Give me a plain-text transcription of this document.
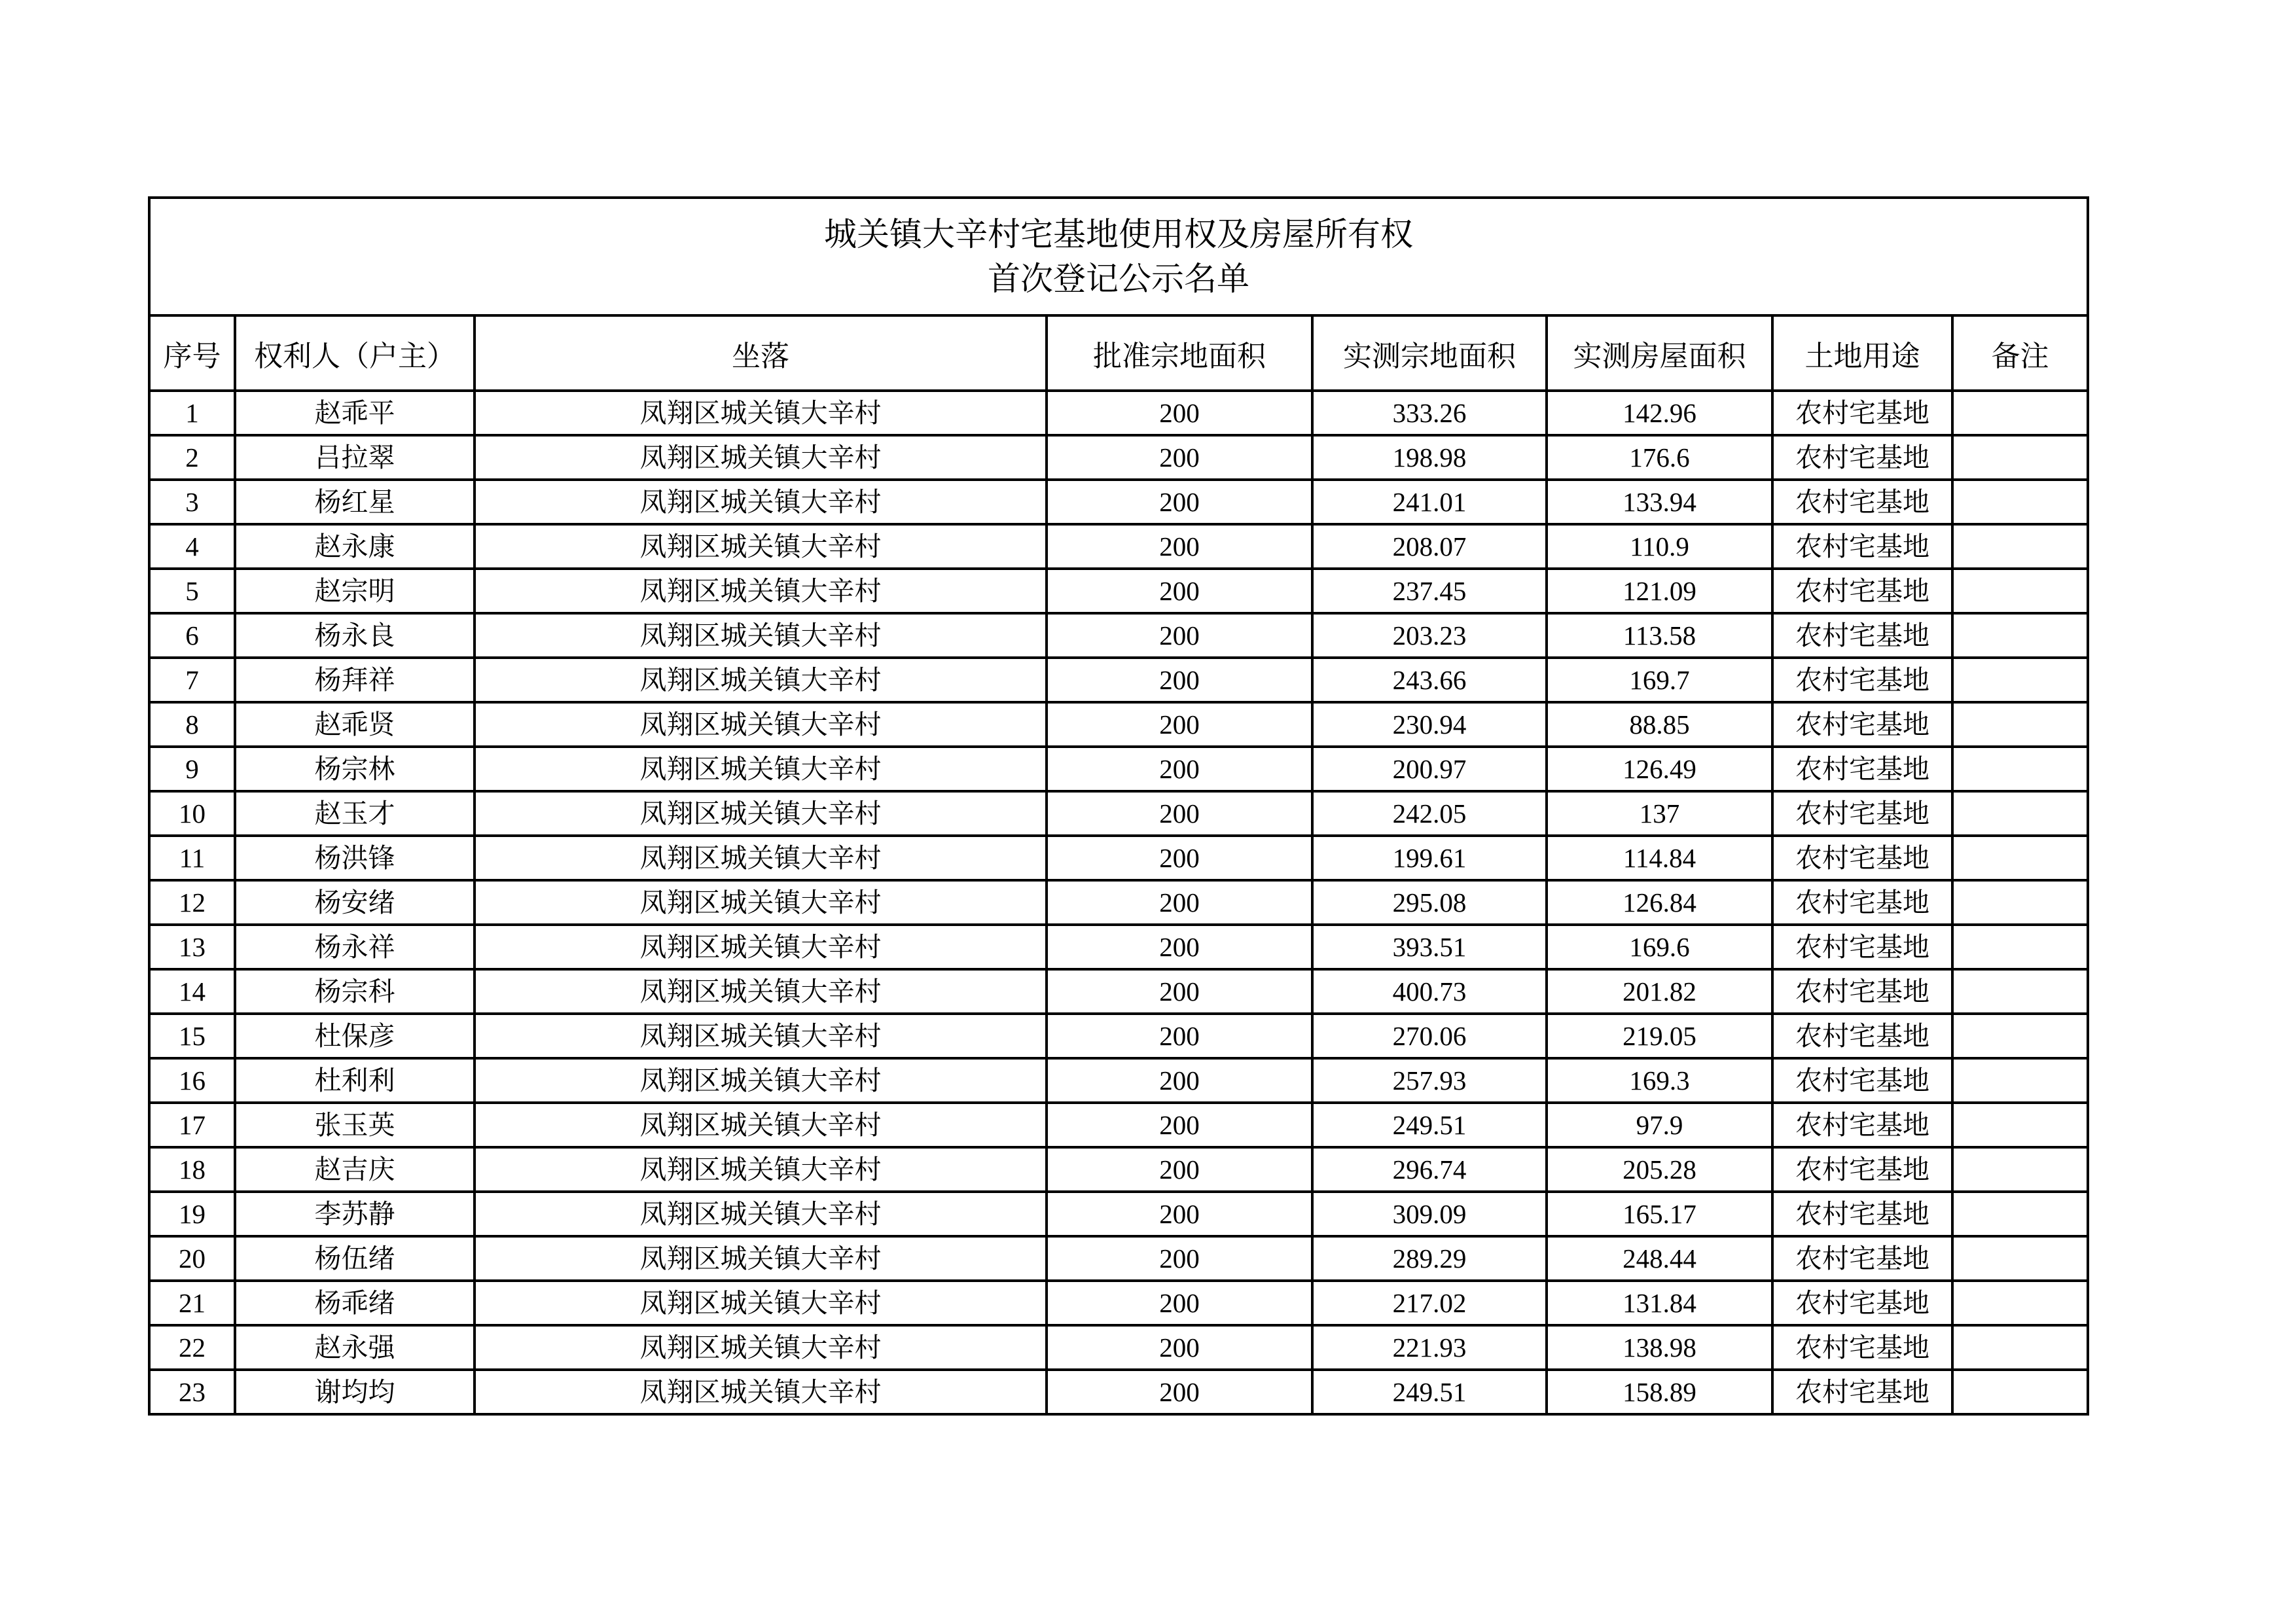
城关镇大辛村宅基地使用权及房屋所有权
首次登记公示名单							

序号	权利人（户主）	坐落	批准宗地面积	实测宗地面积	实测房屋面积	土地用途	备注
1	赵乖平	凤翔区城关镇大辛村	200	333.26	142.96	农村宅基地	
2	吕拉翠	凤翔区城关镇大辛村	200	198.98	176.6	农村宅基地	
3	杨红星	凤翔区城关镇大辛村	200	241.01	133.94	农村宅基地	
4	赵永康	凤翔区城关镇大辛村	200	208.07	110.9	农村宅基地	
5	赵宗明	凤翔区城关镇大辛村	200	237.45	121.09	农村宅基地	
6	杨永良	凤翔区城关镇大辛村	200	203.23	113.58	农村宅基地	
7	杨拜祥	凤翔区城关镇大辛村	200	243.66	169.7	农村宅基地	
8	赵乖贤	凤翔区城关镇大辛村	200	230.94	88.85	农村宅基地	
9	杨宗林	凤翔区城关镇大辛村	200	200.97	126.49	农村宅基地	
10	赵玉才	凤翔区城关镇大辛村	200	242.05	137	农村宅基地	
11	杨洪锋	凤翔区城关镇大辛村	200	199.61	114.84	农村宅基地	
12	杨安绪	凤翔区城关镇大辛村	200	295.08	126.84	农村宅基地	
13	杨永祥	凤翔区城关镇大辛村	200	393.51	169.6	农村宅基地	
14	杨宗科	凤翔区城关镇大辛村	200	400.73	201.82	农村宅基地	
15	杜保彦	凤翔区城关镇大辛村	200	270.06	219.05	农村宅基地	
16	杜利利	凤翔区城关镇大辛村	200	257.93	169.3	农村宅基地	
17	张玉英	凤翔区城关镇大辛村	200	249.51	97.9	农村宅基地	
18	赵吉庆	凤翔区城关镇大辛村	200	296.74	205.28	农村宅基地	
19	李苏静	凤翔区城关镇大辛村	200	309.09	165.17	农村宅基地	
20	杨伍绪	凤翔区城关镇大辛村	200	289.29	248.44	农村宅基地	
21	杨乖绪	凤翔区城关镇大辛村	200	217.02	131.84	农村宅基地	
22	赵永强	凤翔区城关镇大辛村	200	221.93	138.98	农村宅基地	
23	谢均均	凤翔区城关镇大辛村	200	249.51	158.89	农村宅基地	
